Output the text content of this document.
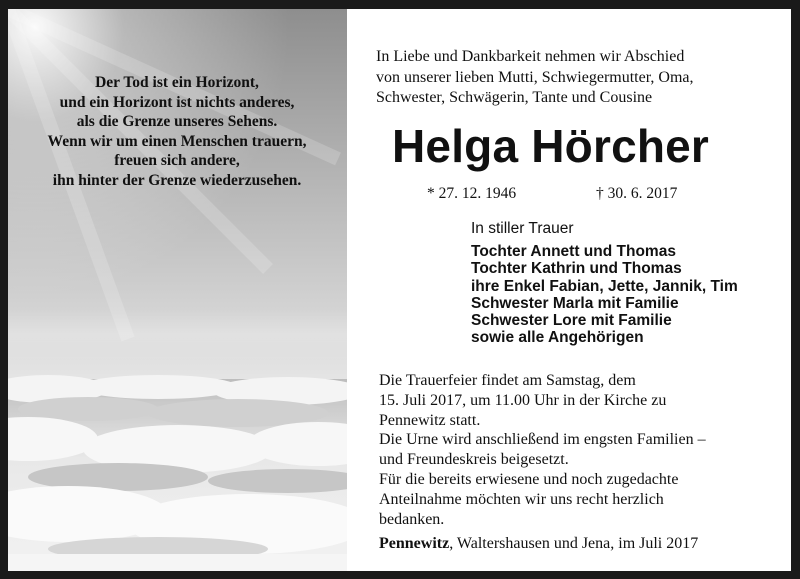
Der Tod ist ein Horizont,
und ein Horizont ist nichts anderes,
als die Grenze unseres Sehens.
Wenn wir um einen Menschen trauern,
freuen sich andere,
ihn hinter der Grenze wiederzusehen.
In Liebe und Dankbarkeit nehmen wir Abschied
von unserer lieben Mutti, Schwiegermutter, Oma,
Schwester, Schwägerin, Tante und Cousine
Helga Hörcher
* 27. 12. 1946	† 30. 6. 2017
In stiller Trauer
Tochter Annett und Thomas
Tochter Kathrin und Thomas
ihre Enkel Fabian, Jette, Jannik, Tim
Schwester Marla mit Familie
Schwester Lore mit Familie
sowie alle Angehörigen
Die Trauerfeier findet am Samstag, dem
15. Juli 2017, um 11.00 Uhr in der Kirche zu
Pennewitz statt.
Die Urne wird anschließend im engsten Familien –
und Freundeskreis beigesetzt.
Für die bereits erwiesene und noch zugedachte
Anteilnahme möchten wir uns recht herzlich
bedanken.
Pennewitz, Waltershausen und Jena, im Juli 2017
